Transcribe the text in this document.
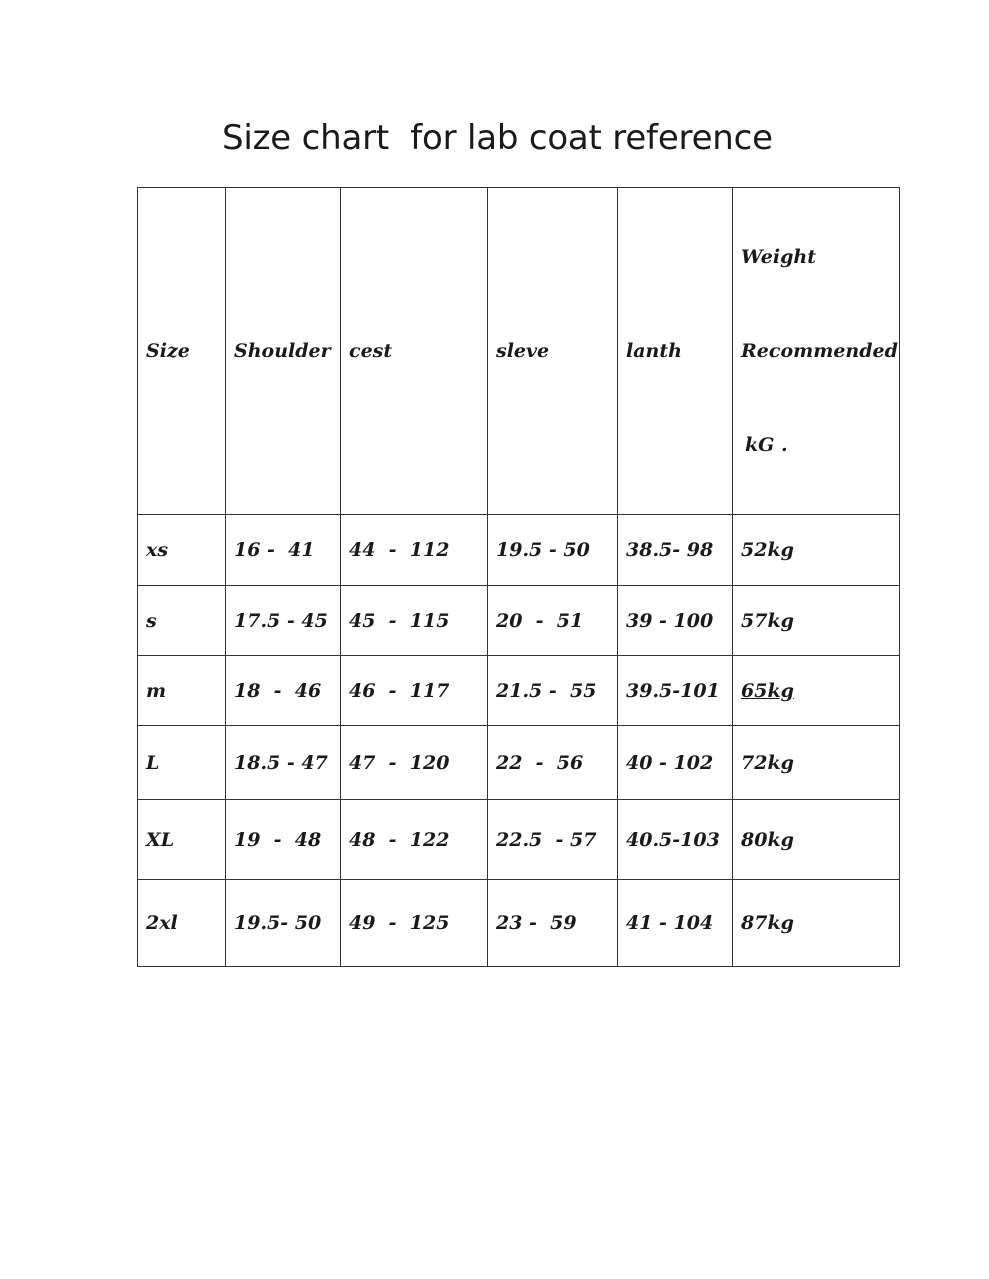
Size chart  for lab coat reference
Size	Shoulder	cest	sleve	lanth	Weight

Recommended

kG .

xs	16 -  41	44  -  112	19.5 - 50	38.5- 98	52kg
s	17.5 - 45	45  -  115	20  -  51	39 - 100	57kg
m	18  -  46	46  -  117	21.5 -  55	39.5-101	65kg
L	18.5 - 47	47  -  120	22  -  56	40 - 102	72kg
XL	19  -  48	48  -  122	22.5  - 57	40.5-103	80kg
2xl	19.5- 50	49  -  125	23 -  59	41 - 104	87kg
